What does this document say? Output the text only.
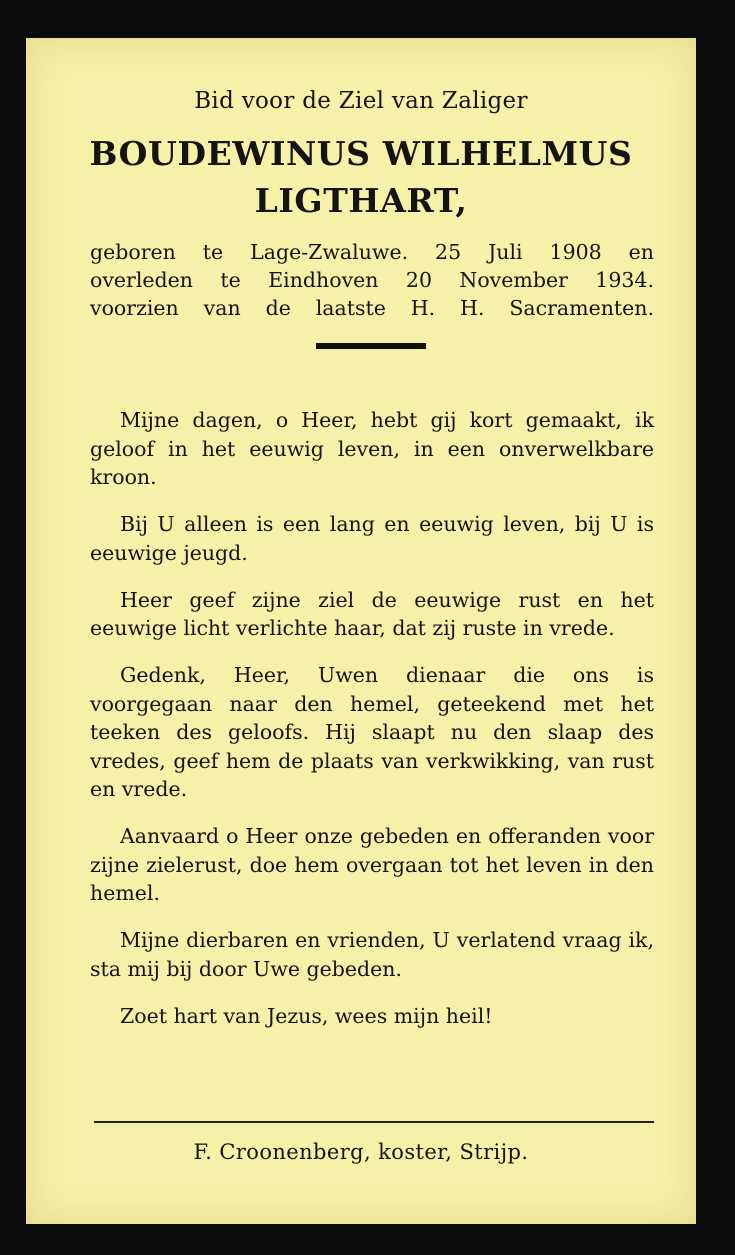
Bid voor de Ziel van Zaliger
BOUDEWINUS WILHELMUS
LIGTHART,
geboren te Lage-Zwaluwe. 25 Juli 1908 en
overleden te Eindhoven 20 November 1934.
voorzien van de laatste H. H. Sacramenten.

Mijne dagen, o Heer, hebt gij kort gemaakt, ik geloof in het eeuwig leven, in een onverwelkbare kroon.

Bij U alleen is een lang en eeuwig leven, bij U is eeuwige jeugd.

Heer geef zijne ziel de eeuwige rust en het eeuwige licht verlichte haar, dat zij ruste in vrede.

Gedenk, Heer, Uwen dienaar die ons is voorgegaan naar den hemel, geteekend met het teeken des geloofs. Hij slaapt nu den slaap des vredes, geef hem de plaats van verkwikking, van rust en vrede.

Aanvaard o Heer onze gebeden en offeranden voor zijne zielerust, doe hem overgaan tot het leven in den hemel.

Mijne dierbaren en vrienden, U verlatend vraag ik, sta mij bij door Uwe gebeden.

Zoet hart van Jezus, wees mijn heil!

F. Croonenberg, koster, Strijp.
